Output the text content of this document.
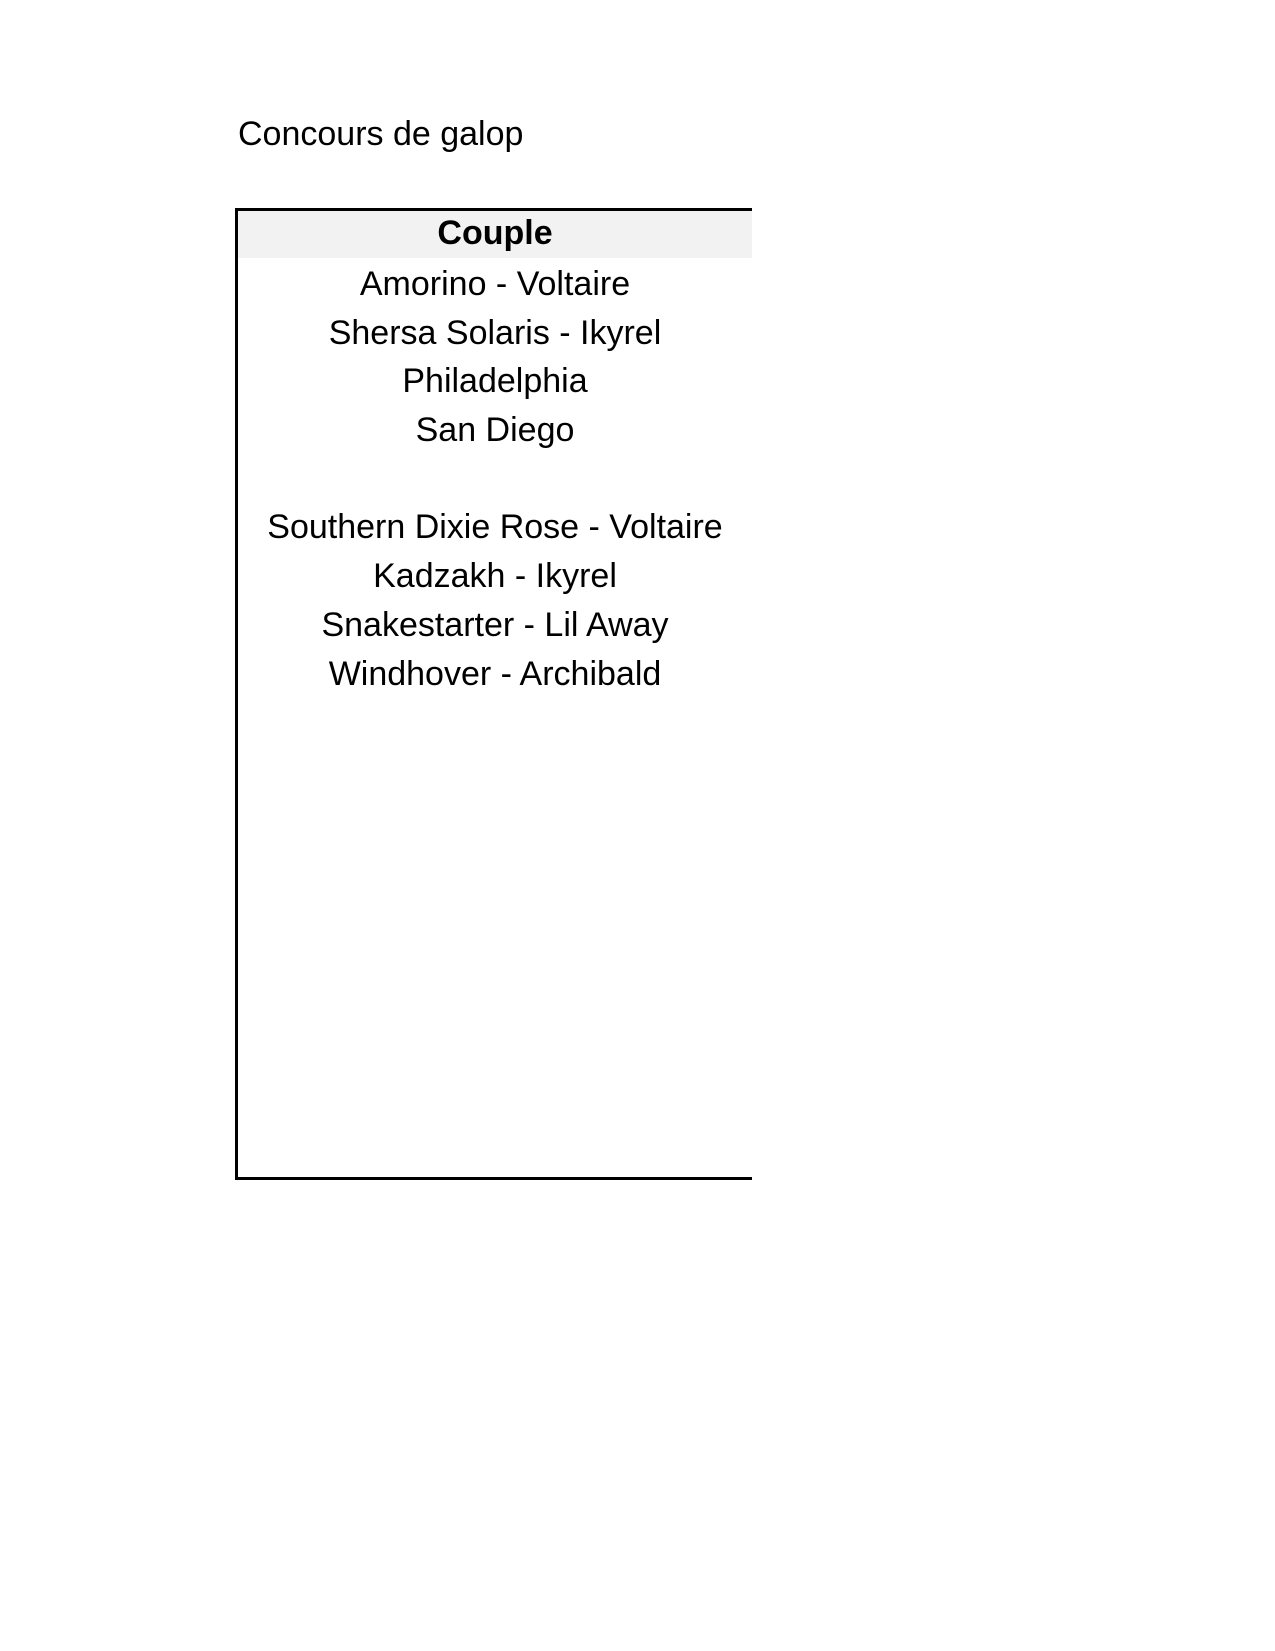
Concours de galop
Couple
Amorino - Voltaire
Shersa Solaris - Ikyrel
Philadelphia
San Diego
Southern Dixie Rose - Voltaire
Kadzakh - Ikyrel
Snakestarter - Lil Away
Windhover - Archibald
